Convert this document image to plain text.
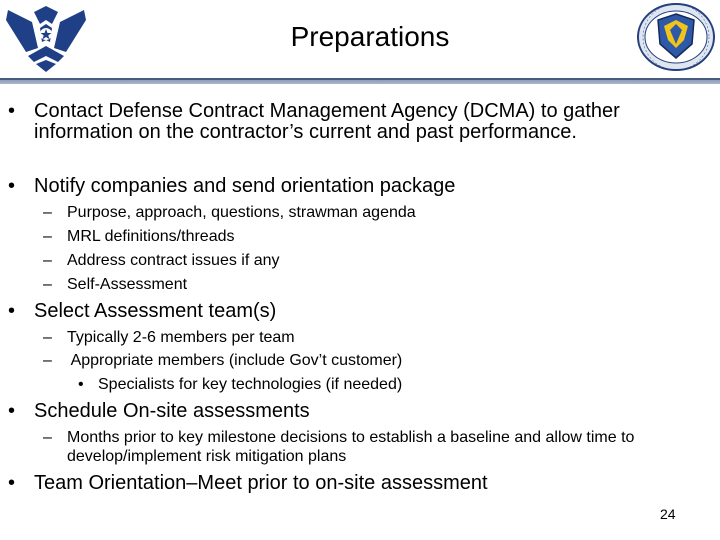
Preparations
• Contact Defense Contract Management Agency (DCMA) to gather information on the contractor’s current and past performance.
• Notify companies and send orientation package
– Purpose, approach, questions, strawman agenda
– MRL definitions/threads
– Address contract issues if any
– Self-Assessment
• Select Assessment team(s)
– Typically 2-6 members per team
– Appropriate members (include Gov’t customer)
• Specialists for key technologies (if needed)
• Schedule On-site assessments
– Months prior to key milestone decisions to establish a baseline and allow time to develop/implement risk mitigation plans
• Team Orientation–Meet prior to on-site assessment
24
